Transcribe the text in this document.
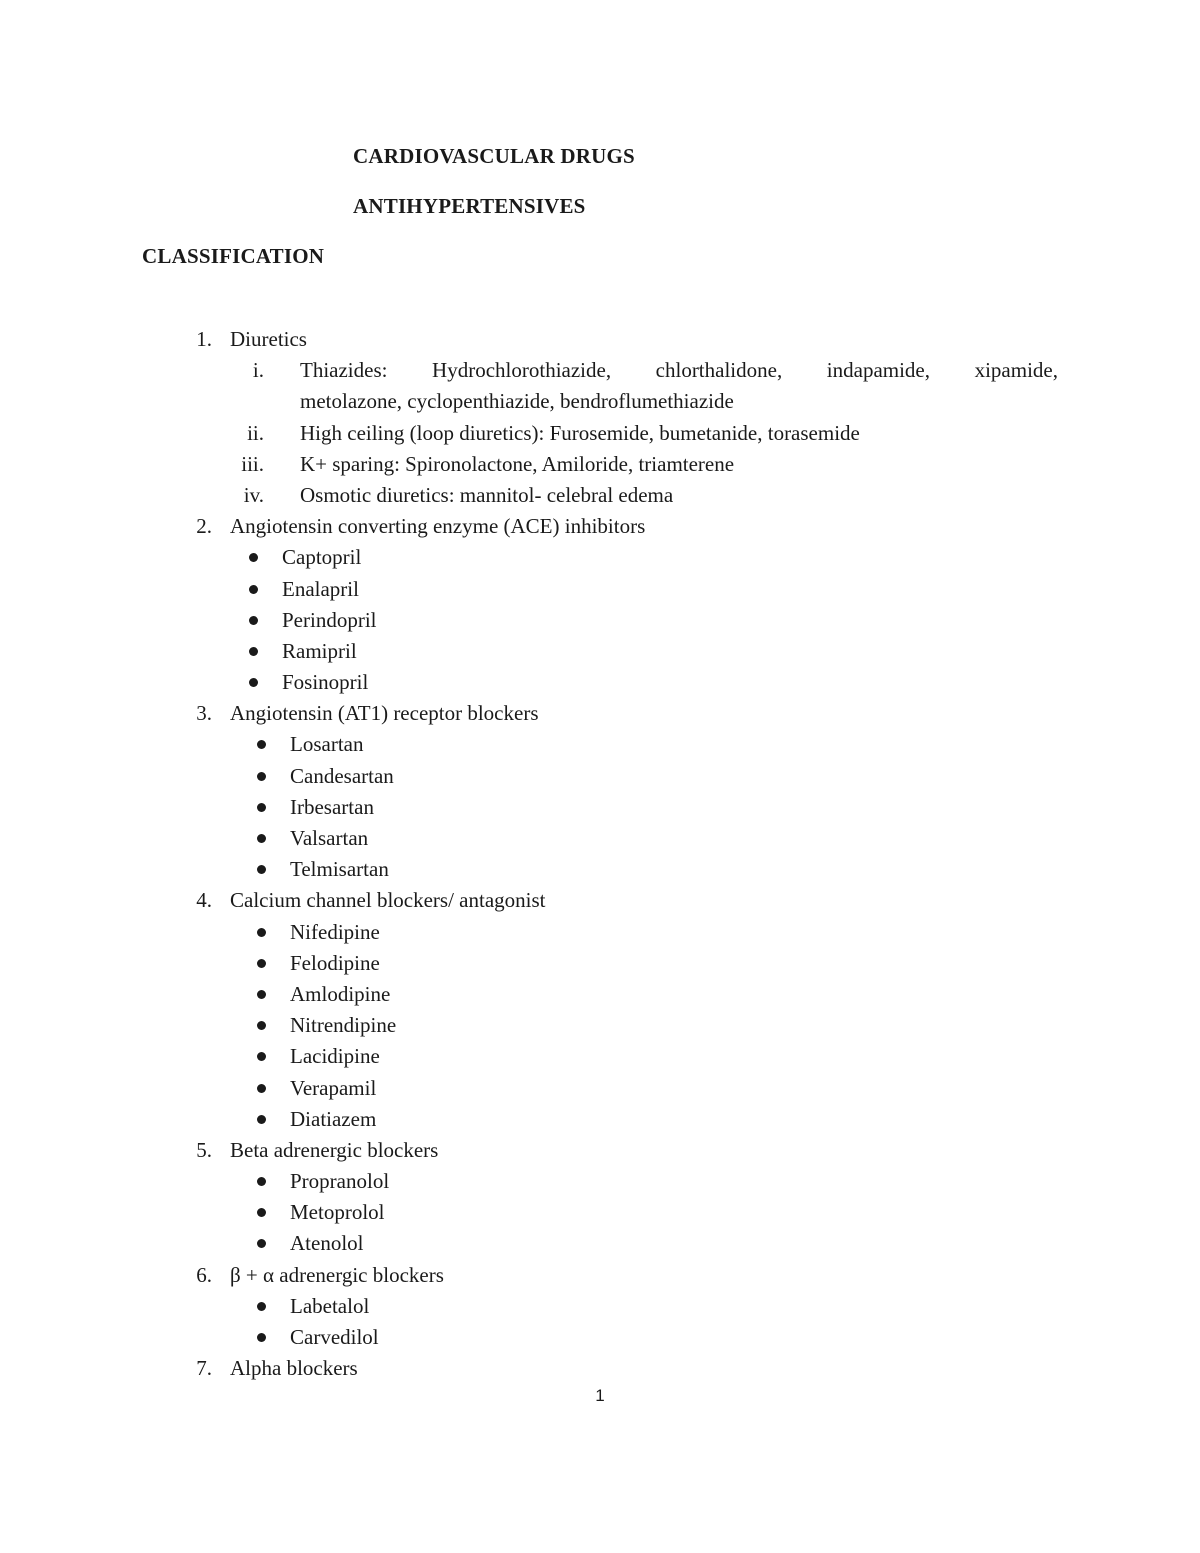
CARDIOVASCULAR DRUGS
ANTIHYPERTENSIVES
CLASSIFICATION
1. Diuretics
i. Thiazides: Hydrochlorothiazide, chlorthalidone, indapamide, xipamide,
metolazone, cyclopenthiazide, bendroflumethiazide
ii. High ceiling (loop diuretics): Furosemide, bumetanide, torasemide
iii. K+ sparing: Spironolactone, Amiloride, triamterene
iv. Osmotic diuretics: mannitol- celebral edema
2. Angiotensin converting enzyme (ACE) inhibitors
Captopril
Enalapril
Perindopril
Ramipril
Fosinopril
3. Angiotensin (AT1) receptor blockers
Losartan
Candesartan
Irbesartan
Valsartan
Telmisartan
4. Calcium channel blockers/ antagonist
Nifedipine
Felodipine
Amlodipine
Nitrendipine
Lacidipine
Verapamil
Diatiazem
5. Beta adrenergic blockers
Propranolol
Metoprolol
Atenolol
6. β + α adrenergic blockers
Labetalol
Carvedilol
7. Alpha blockers
1
